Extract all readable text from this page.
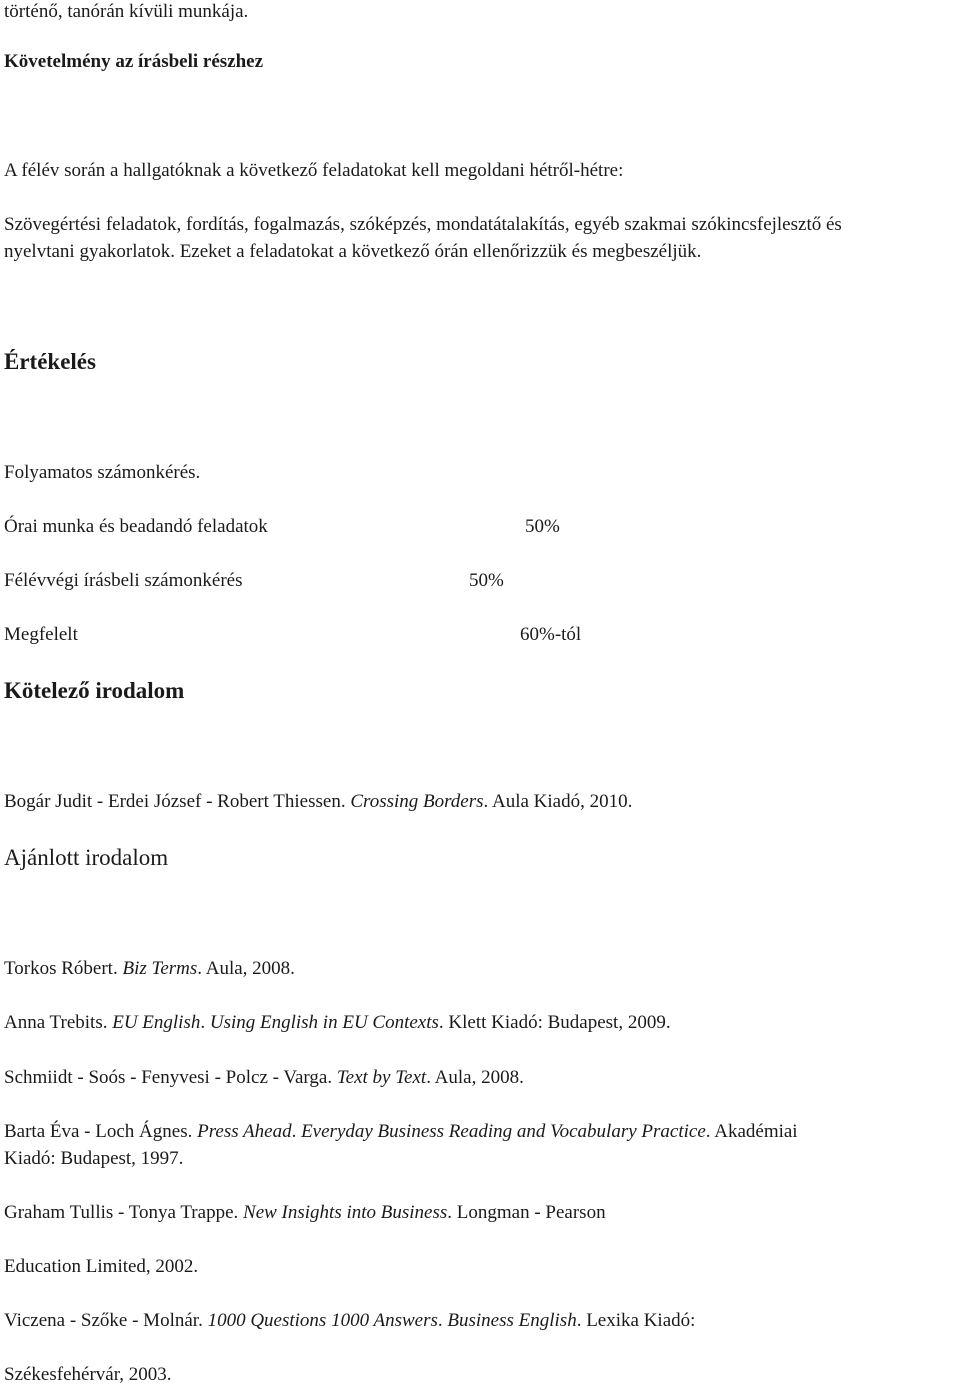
történő, tanórán kívüli munkája.
Követelmény az írásbeli részhez
A félév során a hallgatóknak a következő feladatokat kell megoldani hétről-hétre:
Szövegértési feladatok, fordítás, fogalmazás, szóképzés, mondatátalakítás, egyéb szakmai szókincsfejlesztő és
nyelvtani gyakorlatok. Ezeket a feladatokat a következő órán ellenőrizzük és megbeszéljük.
Értékelés
Folyamatos számonkérés.
Órai munka és beadandó feladatok	50%
Félévvégi írásbeli számonkérés	50%
Megfelelt	60%-tól
Kötelező irodalom
Bogár Judit - Erdei József - Robert Thiessen. Crossing Borders. Aula Kiadó, 2010.
Ajánlott irodalom
Torkos Róbert. Biz Terms. Aula, 2008.
Anna Trebits. EU English. Using English in EU Contexts. Klett Kiadó: Budapest, 2009.
Schmiidt - Soós - Fenyvesi - Polcz - Varga. Text by Text. Aula, 2008.
Barta Éva - Loch Ágnes. Press Ahead. Everyday Business Reading and Vocabulary Practice. Akadémiai
Kiadó: Budapest, 1997.
Graham Tullis - Tonya Trappe. New Insights into Business. Longman - Pearson
Education Limited, 2002.
Viczena - Szőke - Molnár. 1000 Questions 1000 Answers. Business English. Lexika Kiadó:
Székesfehérvár, 2003.
